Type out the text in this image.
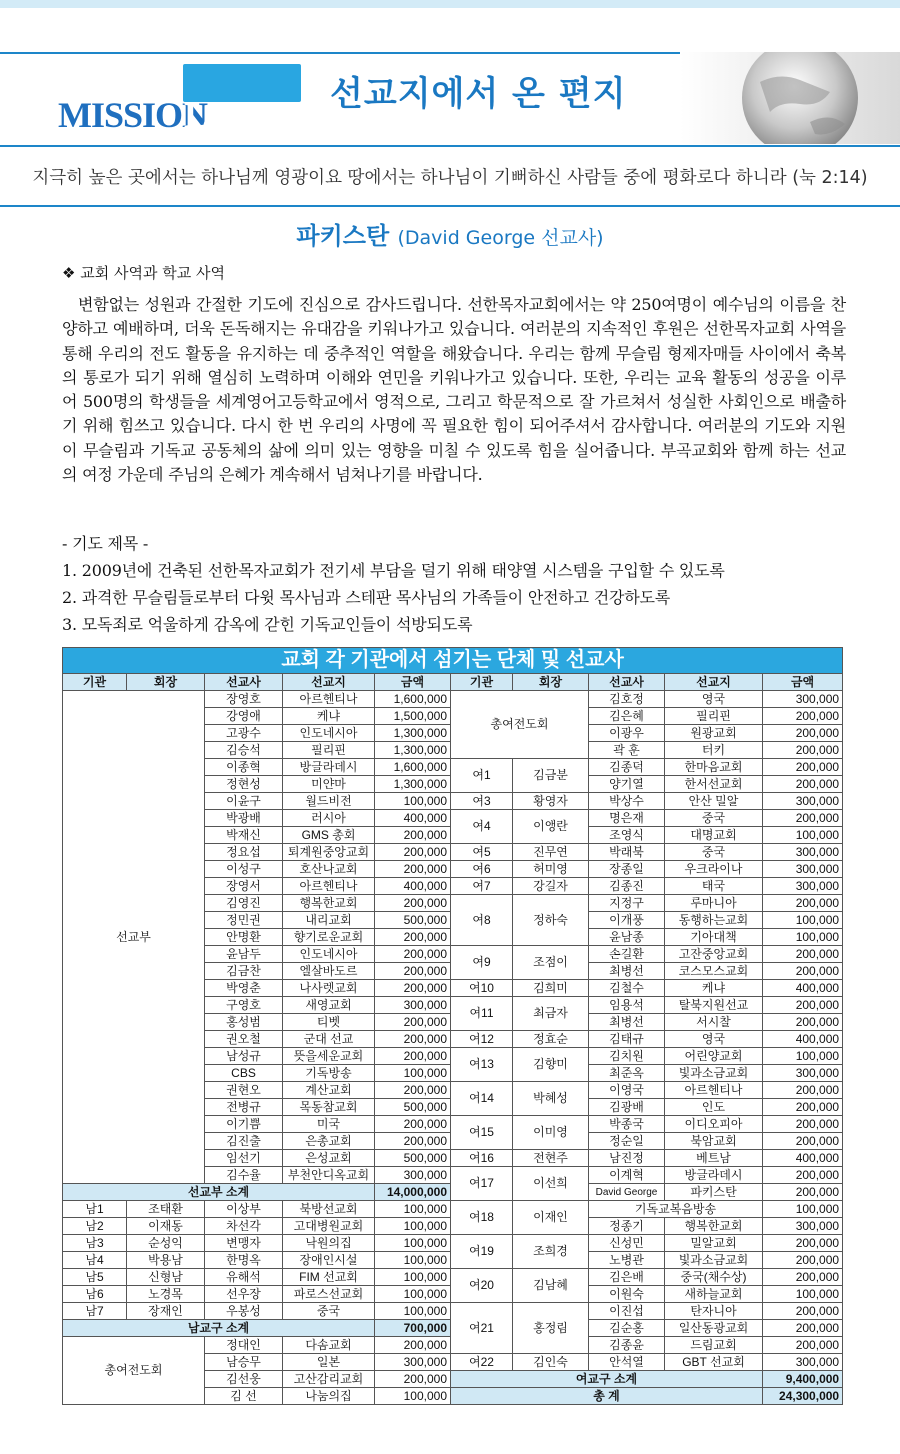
MISSION
LETTER
선교지에서 온 편지
지극히 높은 곳에서는 하나님께 영광이요 땅에서는 하나님이 기뻐하신 사람들 중에 평화로다 하니라 (눅 2:14)
파키스탄 (David George 선교사)
❖ 교회 사역과 학교 사역

변함없는 성원과 간절한 기도에 진심으로 감사드립니다. 선한목자교회에서는 약 250여명이 예수님의 이름을 찬양하고 예배하며, 더욱 돈독해지는 유대감을 키워나가고 있습니다. 여러분의 지속적인 후원은 선한목자교회 사역을 통해 우리의 전도 활동을 유지하는 데 중추적인 역할을 해왔습니다. 우리는 함께 무슬림 형제자매들 사이에서 축복의 통로가 되기 위해 열심히 노력하며 이해와 연민을 키워나가고 있습니다. 또한, 우리는 교육 활동의 성공을 이루어 500명의 학생들을 세계영어고등학교에서 영적으로, 그리고 학문적으로 잘 가르쳐서 성실한 사회인으로 배출하기 위해 힘쓰고 있습니다. 다시 한 번 우리의 사명에 꼭 필요한 힘이 되어주셔서 감사합니다. 여러분의 기도와 지원이 무슬림과 기독교 공동체의 삶에 의미 있는 영향을 미칠 수 있도록 힘을 실어줍니다. 부곡교회와 함께 하는 선교의 여정 가운데 주님의 은혜가 계속해서 넘쳐나기를 바랍니다.

- 기도 제목 -
1. 2009년에 건축된 선한목자교회가 전기세 부담을 덜기 위해 태양열 시스템을 구입할 수 있도록
2. 과격한 무슬림들로부터 다윗 목사님과 스테판 목사님의 가족들이 안전하고 건강하도록
3. 모독죄로 억울하게 감옥에 갇힌 기독교인들이 석방되도록
교회 각 기관에서 섬기는 단체 및 선교사									
기관	회장	선교사	선교지	금액	기관	회장	선교사	선교지	금액
선교부		장영호	아르헨티나	1,600,000	총여전도회		김호정	영국	300,000
		강영애	케냐	1,500,000			김은혜	필리핀	200,000
		고광수	인도네시아	1,300,000			이광우	원광교회	200,000
		김승석	필리핀	1,300,000			곽 훈	터키	200,000
		이종혁	방글라데시	1,600,000	여1	김금분	김종덕	한마음교회	200,000
		정현성	미얀마	1,300,000			양기열	한서선교회	200,000
		이윤구	월드비전	100,000	여3	황영자	박상수	안산 밀알	300,000
		박광배	러시아	400,000	여4	이앵란	명은재	중국	200,000
		박재신	GMS 총회	200,000			조영식	대명교회	100,000
		정요섭	퇴계원중앙교회	200,000	여5	진무연	박래북	중국	300,000
		이성구	호산나교회	200,000	여6	허미영	장종일	우크라이나	300,000
		장영서	아르헨티나	400,000	여7	강길자	김종진	태국	300,000
		김영진	행복한교회	200,000	여8	정하숙	지정구	루마니아	200,000
		정민권	내리교회	500,000			이개풍	동행하는교회	100,000
		안명환	향기로운교회	200,000			윤남종	기아대책	100,000
		윤남두	인도네시아	200,000	여9	조점이	손길환	고잔중앙교회	200,000
		김금찬	엘살바도르	200,000			최병선	코스모스교회	200,000
		박영춘	나사렛교회	200,000	여10	김희미	김철수	케냐	400,000
		구영호	새영교회	300,000	여11	최금자	임용석	탈북지원선교	200,000
		홍성범	티벳	200,000			최병선	서시찰	200,000
		권오철	군대 선교	200,000	여12	정효순	김태규	영국	400,000
		남성규	뜻을세운교회	200,000	여13	김향미	김치원	어린양교회	100,000
		CBS	기독방송	100,000			최준옥	빛과소금교회	300,000
		권현오	계산교회	200,000	여14	박혜성	이영국	아르헨티나	200,000
		전병규	목동참교회	500,000			김광배	인도	200,000
		이기쁨	미국	200,000	여15	이미영	박종국	이디오피아	200,000
		김진출	은총교회	200,000			정순일	북암교회	200,000
		임선기	은성교회	500,000	여16	전현주	남진정	베트남	400,000
		김수율	부천안디옥교회	300,000	여17	이선희	이계혁	방글라데시	200,000
선교부 소계				14,000,000			David George	파키스탄	200,000
남1	조태환	이상부	북방선교회	100,000	여18	이재인	기독교복음방송		100,000
남2	이재동	차선각	고대병원교회	100,000			정종기	행복한교회	300,000
남3	순성익	변맹자	낙원의집	100,000	여19	조희경	신성민	밀알교회	200,000
남4	박용남	한명옥	장애인시설	100,000			노병관	빛과소금교회	200,000
남5	신형남	유해석	FIM 선교회	100,000	여20	김남혜	김은배	중국(채수상)	200,000
남6	노경목	선우장	파로스선교회	100,000			이원숙	새하늘교회	100,000
남7	장재인	우봉성	중국	100,000	여21	홍정림	이진섭	탄자니아	200,000
남교구 소계				700,000			김순홍	일산동광교회	200,000
총여전도회		정대인	다솜교회	200,000			김종윤	드림교회	200,000
		남승무	일본	300,000	여22	김인숙	안석열	GBT 선교회	300,000
		김선웅	고산감리교회	200,000	여교구 소계				9,400,000
		김 선	나눔의집	100,000	총 계				24,300,000
